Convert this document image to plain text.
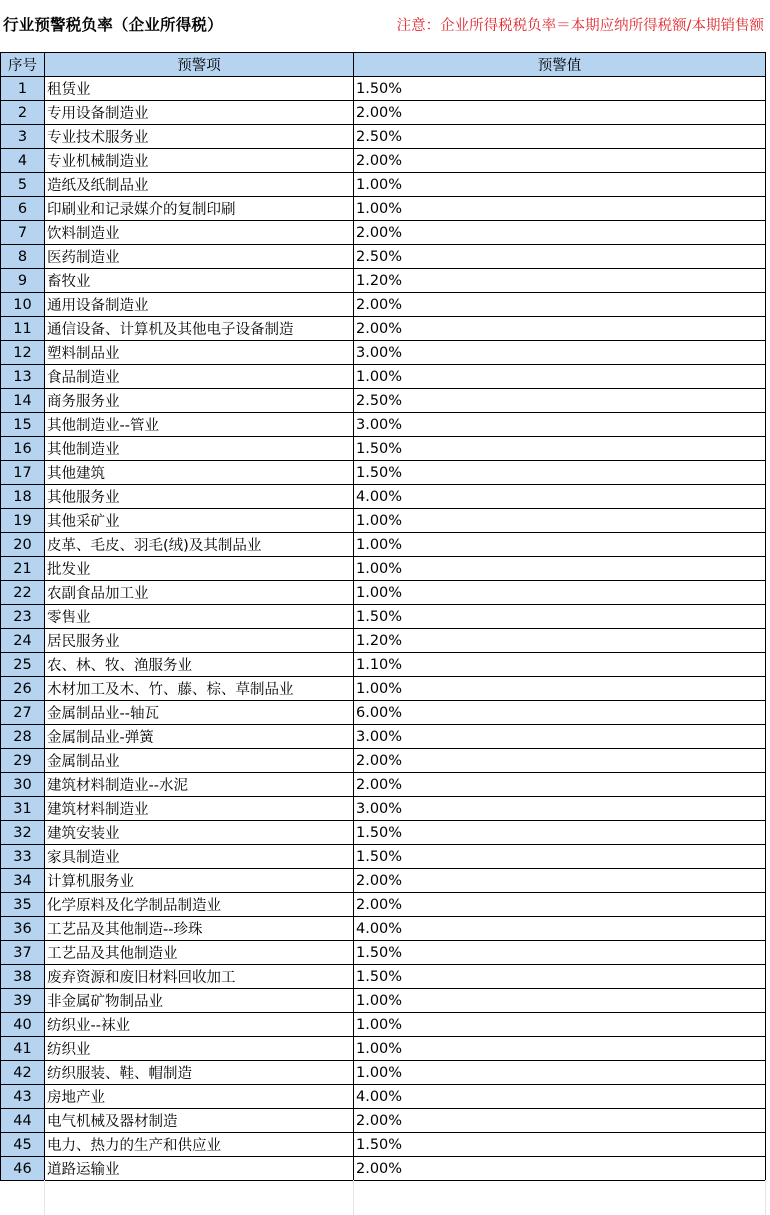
行业预警税负率（企业所得税）	注意：企业所得税税负率＝本期应纳所得税额/本期销售额
序号	预警项	预警值
1	租赁业	1.50%
2	专用设备制造业	2.00%
3	专业技术服务业	2.50%
4	专业机械制造业	2.00%
5	造纸及纸制品业	1.00%
6	印刷业和记录媒介的复制印刷	1.00%
7	饮料制造业	2.00%
8	医药制造业	2.50%
9	畜牧业	1.20%
10	通用设备制造业	2.00%
11	通信设备、计算机及其他电子设备制造	2.00%
12	塑料制品业	3.00%
13	食品制造业	1.00%
14	商务服务业	2.50%
15	其他制造业--管业	3.00%
16	其他制造业	1.50%
17	其他建筑	1.50%
18	其他服务业	4.00%
19	其他采矿业	1.00%
20	皮革、毛皮、羽毛(绒)及其制品业	1.00%
21	批发业	1.00%
22	农副食品加工业	1.00%
23	零售业	1.50%
24	居民服务业	1.20%
25	农、林、牧、渔服务业	1.10%
26	木材加工及木、竹、藤、棕、草制品业	1.00%
27	金属制品业--轴瓦	6.00%
28	金属制品业-弹簧	3.00%
29	金属制品业	2.00%
30	建筑材料制造业--水泥	2.00%
31	建筑材料制造业	3.00%
32	建筑安装业	1.50%
33	家具制造业	1.50%
34	计算机服务业	2.00%
35	化学原料及化学制品制造业	2.00%
36	工艺品及其他制造--珍珠	4.00%
37	工艺品及其他制造业	1.50%
38	废弃资源和废旧材料回收加工	1.50%
39	非金属矿物制品业	1.00%
40	纺织业--袜业	1.00%
41	纺织业	1.00%
42	纺织服装、鞋、帽制造	1.00%
43	房地产业	4.00%
44	电气机械及器材制造	2.00%
45	电力、热力的生产和供应业	1.50%
46	道路运输业	2.00%
